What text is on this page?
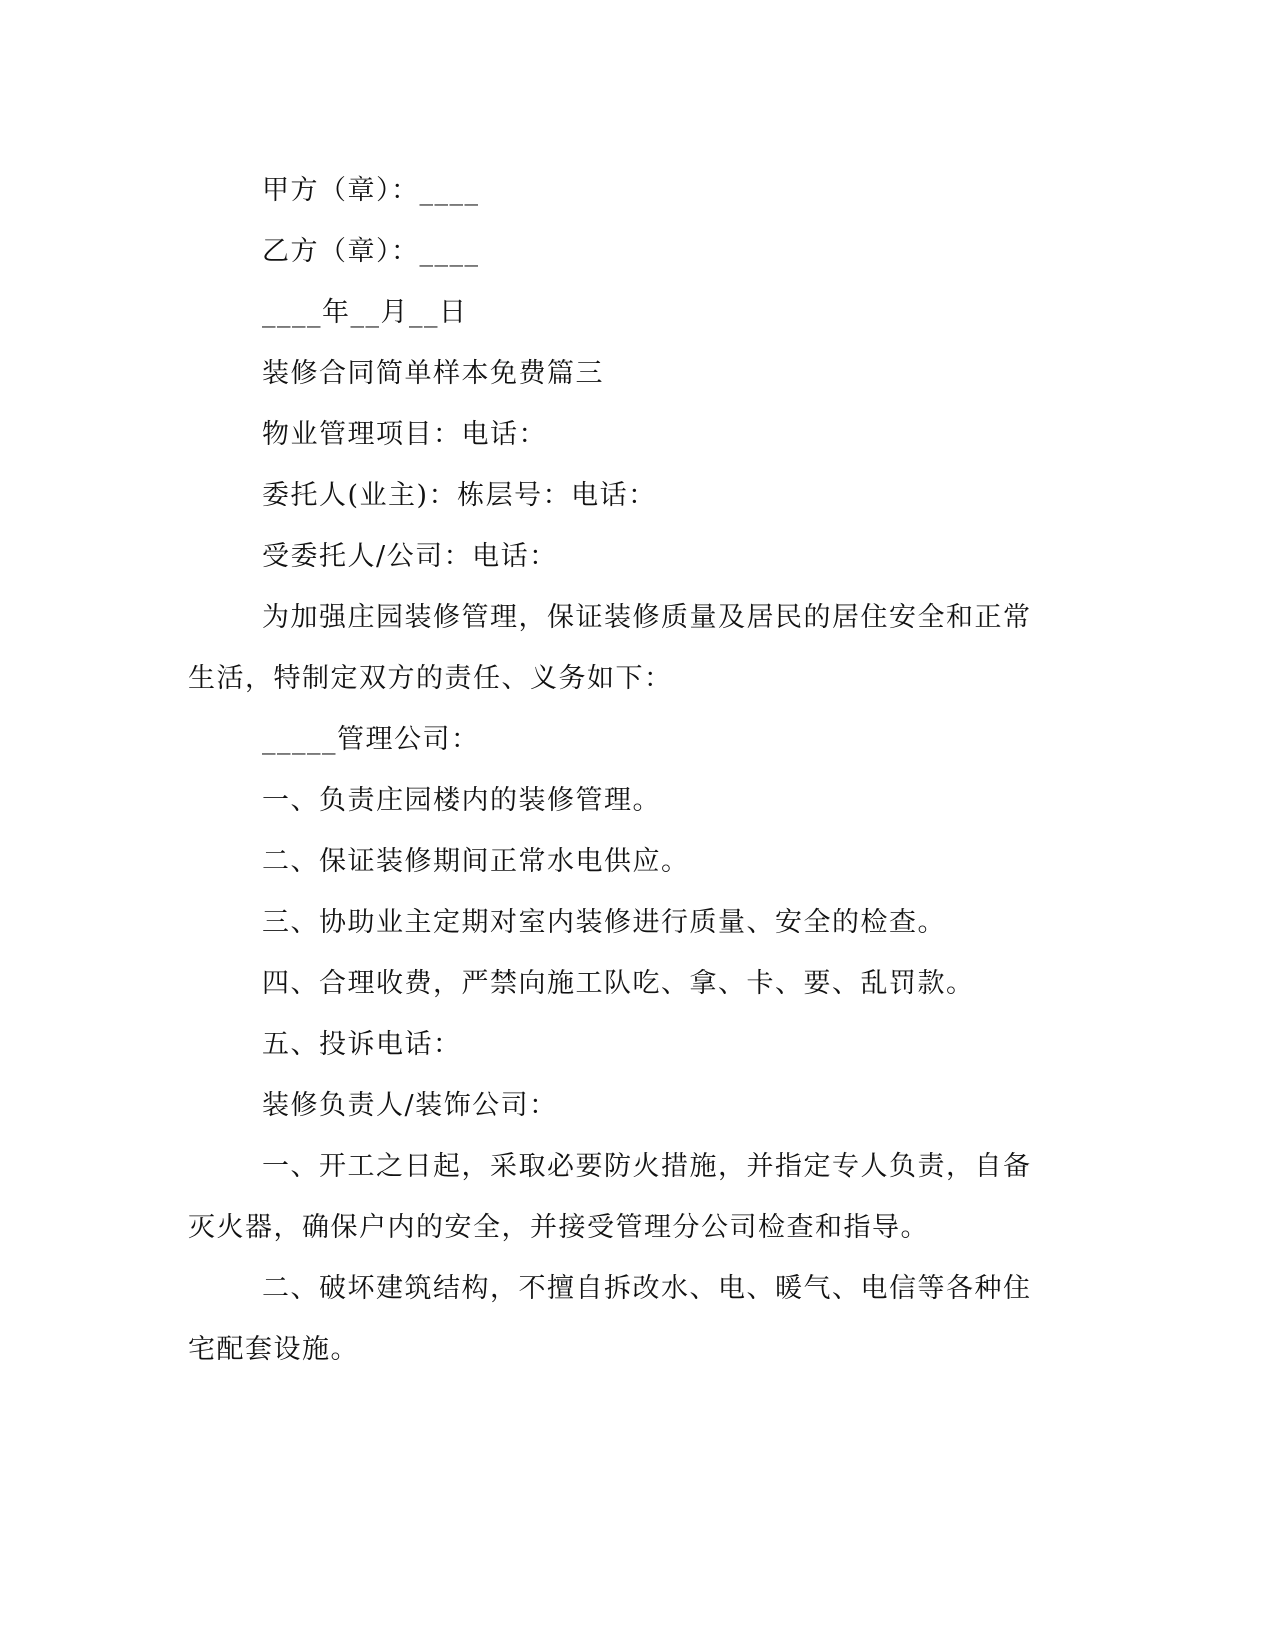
甲方（章）：____

乙方（章）：____

____年__月__日

装修合同简单样本免费篇三

物业管理项目：电话：

委托人(业主)：栋层号：电话：

受委托人/公司：电话：

为加强庄园装修管理，保证装修质量及居民的居住安全和正常生活，特制定双方的责任、义务如下：

_____管理公司：

一、负责庄园楼内的装修管理。

二、保证装修期间正常水电供应。

三、协助业主定期对室内装修进行质量、安全的检查。

四、合理收费，严禁向施工队吃、拿、卡、要、乱罚款。

五、投诉电话：

装修负责人/装饰公司：

一、开工之日起，采取必要防火措施，并指定专人负责，自备灭火器，确保户内的安全，并接受管理分公司检查和指导。

二、破坏建筑结构，不擅自拆改水、电、暖气、电信等各种住宅配套设施。
